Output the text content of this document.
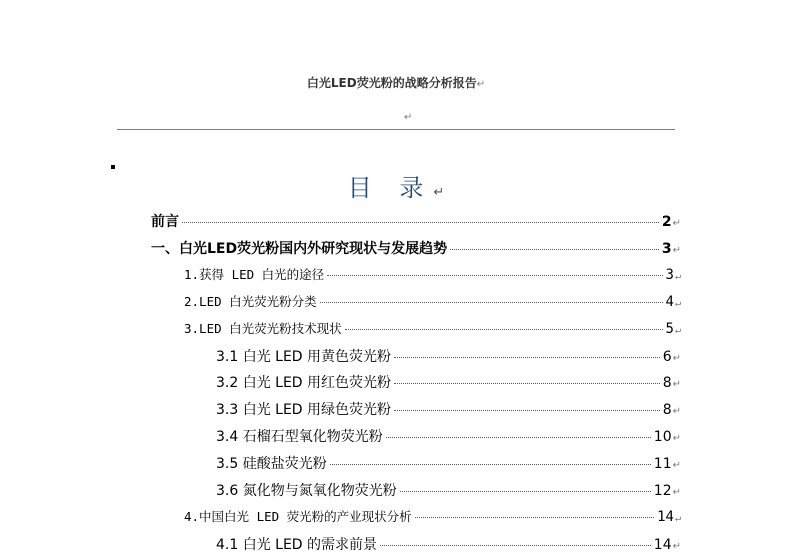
白光LED荧光粉的战略分析报告↵
↵
目 录↵
前言	2 ↵
一、白光LED荧光粉国内外研究现状与发展趋势	3 ↵
1.获得 LED 白光的途径	3 ↵
2.LED 白光荧光粉分类	4 ↵
3.LED 白光荧光粉技术现状	5 ↵
3.1 白光 LED 用黄色荧光粉	6 ↵
3.2 白光 LED 用红色荧光粉	8 ↵
3.3 白光 LED 用绿色荧光粉	8 ↵
3.4 石榴石型氧化物荧光粉	10 ↵
3.5 硅酸盐荧光粉	11 ↵
3.6 氮化物与氮氧化物荧光粉	12 ↵
4.中国白光 LED 荧光粉的产业现状分析	14 ↵
4.1 白光 LED 的需求前景	14 ↵
